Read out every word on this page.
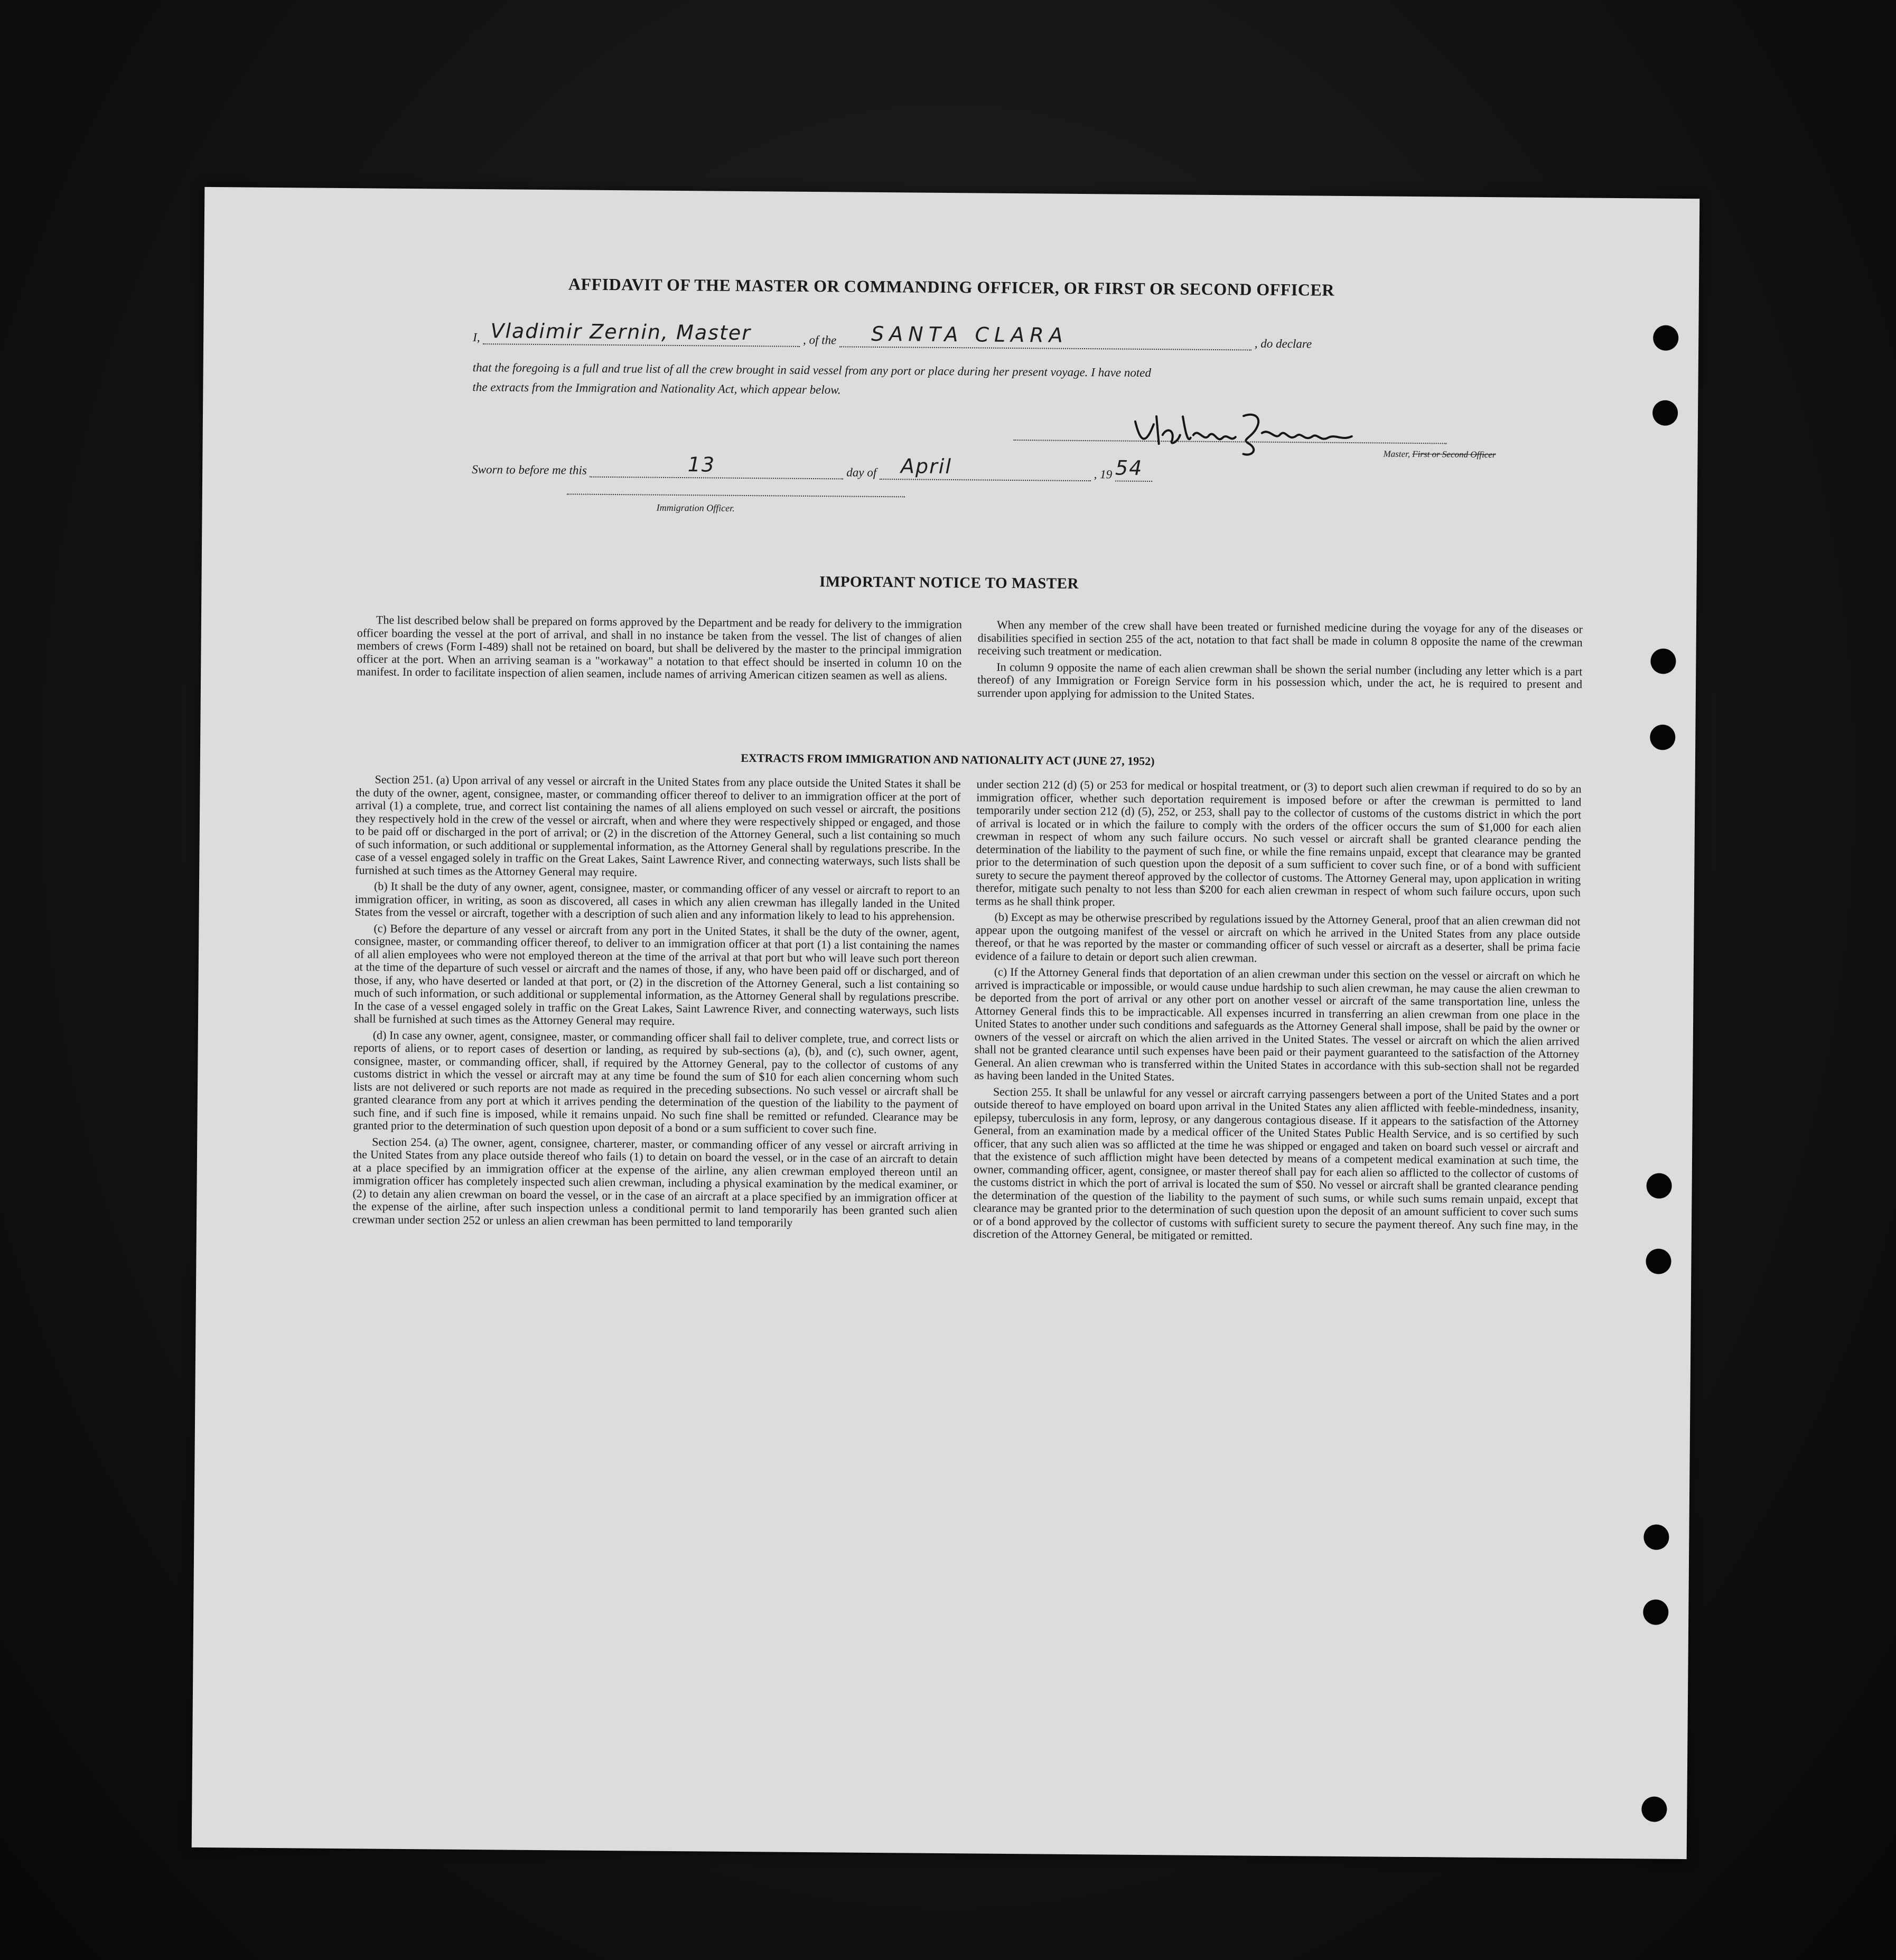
AFFIDAVIT OF THE MASTER OR COMMANDING OFFICER, OR FIRST OR SECOND OFFICER
I, Vladimir Zernin, Master	, of the SANTA CLARA	, do declare
that the foregoing is a full and true list of all the crew brought in said vessel from any port or place during her present voyage. I have noted
the extracts from the Immigration and Nationality Act, which appear below.
Master, First or Second Officer
Sworn to before me this	13	day of April	, 19 54
Immigration Officer.
IMPORTANT NOTICE TO MASTER

The list described below shall be prepared on forms approved by the Department and be ready for delivery to the immigration officer boarding the vessel at the port of arrival, and shall in no instance be taken from the vessel. The list of changes of alien members of crews (Form I-489) shall not be retained on board, but shall be delivered by the master to the principal immigration officer at the port. When an arriving seaman is a "workaway" a notation to that effect should be inserted in column 10 on the manifest. In order to facilitate inspection of alien seamen, include names of arriving American citizen seamen as well as aliens.

When any member of the crew shall have been treated or furnished medicine during the voyage for any of the diseases or disabilities specified in section 255 of the act, notation to that fact shall be made in column 8 opposite the name of the crewman receiving such treatment or medication.

In column 9 opposite the name of each alien crewman shall be shown the serial number (including any letter which is a part thereof) of any Immigration or Foreign Service form in his possession which, under the act, he is required to present and surrender upon applying for admission to the United States.

EXTRACTS FROM IMMIGRATION AND NATIONALITY ACT (JUNE 27, 1952)

Section 251. (a) Upon arrival of any vessel or aircraft in the United States from any place outside the United States it shall be the duty of the owner, agent, consignee, master, or commanding officer thereof to deliver to an immigration officer at the port of arrival (1) a complete, true, and correct list containing the names of all aliens employed on such vessel or aircraft, the positions they respectively hold in the crew of the vessel or aircraft, when and where they were respectively shipped or engaged, and those to be paid off or discharged in the port of arrival; or (2) in the discretion of the Attorney General, such a list containing so much of such information, or such additional or supplemental information, as the Attorney General shall by regulations prescribe. In the case of a vessel engaged solely in traffic on the Great Lakes, Saint Lawrence River, and connecting waterways, such lists shall be furnished at such times as the Attorney General may require.

(b) It shall be the duty of any owner, agent, consignee, master, or commanding officer of any vessel or aircraft to report to an immigration officer, in writing, as soon as discovered, all cases in which any alien crewman has illegally landed in the United States from the vessel or aircraft, together with a description of such alien and any information likely to lead to his apprehension.

(c) Before the departure of any vessel or aircraft from any port in the United States, it shall be the duty of the owner, agent, consignee, master, or commanding officer thereof, to deliver to an immigration officer at that port (1) a list containing the names of all alien employees who were not employed thereon at the time of the arrival at that port but who will leave such port thereon at the time of the departure of such vessel or aircraft and the names of those, if any, who have been paid off or discharged, and of those, if any, who have deserted or landed at that port, or (2) in the discretion of the Attorney General, such a list containing so much of such information, or such additional or supplemental information, as the Attorney General shall by regulations prescribe. In the case of a vessel engaged solely in traffic on the Great Lakes, Saint Lawrence River, and connecting waterways, such lists shall be furnished at such times as the Attorney General may require.

(d) In case any owner, agent, consignee, master, or commanding officer shall fail to deliver complete, true, and correct lists or reports of aliens, or to report cases of desertion or landing, as required by sub-sections (a), (b), and (c), such owner, agent, consignee, master, or commanding officer, shall, if required by the Attorney General, pay to the collector of customs of any customs district in which the vessel or aircraft may at any time be found the sum of $10 for each alien concerning whom such lists are not delivered or such reports are not made as required in the preceding subsections. No such vessel or aircraft shall be granted clearance from any port at which it arrives pending the determination of the question of the liability to the payment of such fine, and if such fine is imposed, while it remains unpaid. No such fine shall be remitted or refunded. Clearance may be granted prior to the determination of such question upon deposit of a bond or a sum sufficient to cover such fine.

Section 254. (a) The owner, agent, consignee, charterer, master, or commanding officer of any vessel or aircraft arriving in the United States from any place outside thereof who fails (1) to detain on board the vessel, or in the case of an aircraft to detain at a place specified by an immigration officer at the expense of the airline, any alien crewman employed thereon until an immigration officer has completely inspected such alien crewman, including a physical examination by the medical examiner, or (2) to detain any alien crewman on board the vessel, or in the case of an aircraft at a place specified by an immigration officer at the expense of the airline, after such inspection unless a conditional permit to land temporarily has been granted such alien crewman under section 252 or unless an alien crewman has been permitted to land temporarily

under section 212 (d) (5) or 253 for medical or hospital treatment, or (3) to deport such alien crewman if required to do so by an immigration officer, whether such deportation requirement is imposed before or after the crewman is permitted to land temporarily under section 212 (d) (5), 252, or 253, shall pay to the collector of customs of the customs district in which the port of arrival is located or in which the failure to comply with the orders of the officer occurs the sum of $1,000 for each alien crewman in respect of whom any such failure occurs. No such vessel or aircraft shall be granted clearance pending the determination of the liability to the payment of such fine, or while the fine remains unpaid, except that clearance may be granted prior to the determination of such question upon the deposit of a sum sufficient to cover such fine, or of a bond with sufficient surety to secure the payment thereof approved by the collector of customs. The Attorney General may, upon application in writing therefor, mitigate such penalty to not less than $200 for each alien crewman in respect of whom such failure occurs, upon such terms as he shall think proper.

(b) Except as may be otherwise prescribed by regulations issued by the Attorney General, proof that an alien crewman did not appear upon the outgoing manifest of the vessel or aircraft on which he arrived in the United States from any place outside thereof, or that he was reported by the master or commanding officer of such vessel or aircraft as a deserter, shall be prima facie evidence of a failure to detain or deport such alien crewman.

(c) If the Attorney General finds that deportation of an alien crewman under this section on the vessel or aircraft on which he arrived is impracticable or impossible, or would cause undue hardship to such alien crewman, he may cause the alien crewman to be deported from the port of arrival or any other port on another vessel or aircraft of the same transportation line, unless the Attorney General finds this to be impracticable. All expenses incurred in transferring an alien crewman from one place in the United States to another under such conditions and safeguards as the Attorney General shall impose, shall be paid by the owner or owners of the vessel or aircraft on which the alien arrived in the United States. The vessel or aircraft on which the alien arrived shall not be granted clearance until such expenses have been paid or their payment guaranteed to the satisfaction of the Attorney General. An alien crewman who is transferred within the United States in accordance with this sub-section shall not be regarded as having been landed in the United States.

Section 255. It shall be unlawful for any vessel or aircraft carrying passengers between a port of the United States and a port outside thereof to have employed on board upon arrival in the United States any alien afflicted with feeble-mindedness, insanity, epilepsy, tuberculosis in any form, leprosy, or any dangerous contagious disease. If it appears to the satisfaction of the Attorney General, from an examination made by a medical officer of the United States Public Health Service, and is so certified by such officer, that any such alien was so afflicted at the time he was shipped or engaged and taken on board such vessel or aircraft and that the existence of such affliction might have been detected by means of a competent medical examination at such time, the owner, commanding officer, agent, consignee, or master thereof shall pay for each alien so afflicted to the collector of customs of the customs district in which the port of arrival is located the sum of $50. No vessel or aircraft shall be granted clearance pending the determination of the question of the liability to the payment of such sums, or while such sums remain unpaid, except that clearance may be granted prior to the determination of such question upon the deposit of an amount sufficient to cover such sums or of a bond approved by the collector of customs with sufficient surety to secure the payment thereof. Any such fine may, in the discretion of the Attorney General, be mitigated or remitted.
